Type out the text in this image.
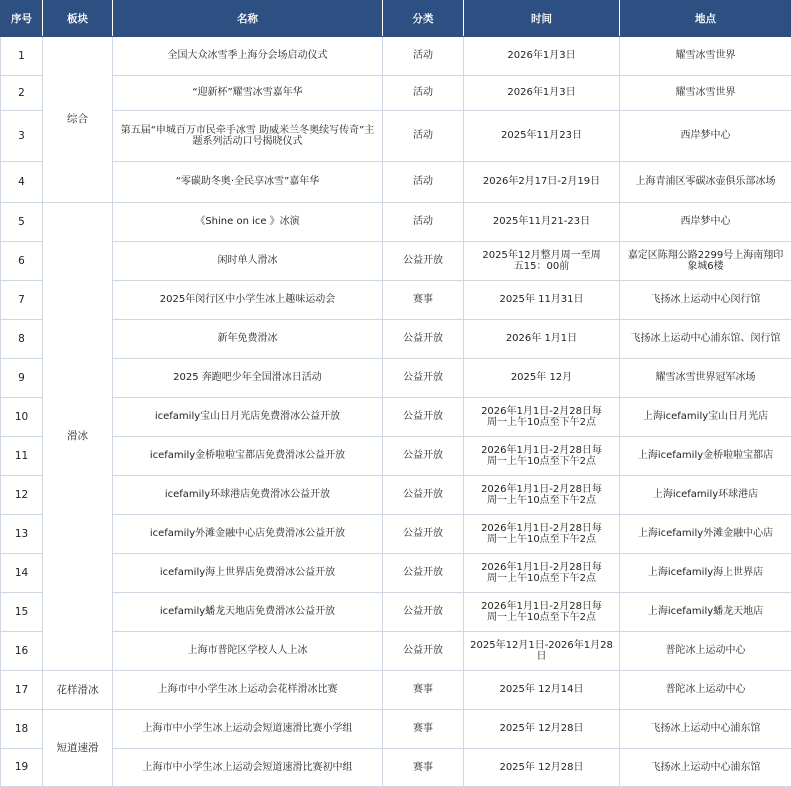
序号	板块	名称	分类	时间	地点
1	综合	全国大众冰雪季上海分会场启动仪式	活动	2026年1月3日	耀雪冰雪世界
2		“迎新杯”耀雪冰雪嘉年华	活动	2026年1月3日	耀雪冰雪世界
3		第五届“申城百万市民牵手冰雪 助威米兰冬奥续写传奇”主题系列活动口号揭晓仪式	活动	2025年11月23日	西岸梦中心
4		“零碳助冬奥·全民享冰雪”嘉年华	活动	2026年2月17日-2月19日	上海青浦区零碳冰壶俱乐部冰场
5	滑冰	《Shine on ice 》冰演	活动	2025年11月21-23日	西岸梦中心
6		闲时单人滑冰	公益开放	2025年12月整月周一至周五15：00前	嘉定区陈翔公路2299号上海南翔印象城6楼
7		2025年闵行区中小学生冰上趣味运动会	赛事	2025年 11月31日	飞扬冰上运动中心闵行馆
8		新年免费滑冰	公益开放	2026年 1月1日	飞扬冰上运动中心浦东馆、闵行馆
9		2025 奔跑吧少年全国滑冰日活动	公益开放	2025年 12月	耀雪冰雪世界冠军冰场
10		icefamily宝山日月光店免费滑冰公益开放	公益开放	2026年1月1日-2月28日每周一上午10点至下午2点	上海icefamily宝山日月光店
11		icefamily金桥啦啦宝都店免费滑冰公益开放	公益开放	2026年1月1日-2月28日每周一上午10点至下午2点	上海icefamily金桥啦啦宝都店
12		icefamily环球港店免费滑冰公益开放	公益开放	2026年1月1日-2月28日每周一上午10点至下午2点	上海icefamily环球港店
13		icefamily外滩金融中心店免费滑冰公益开放	公益开放	2026年1月1日-2月28日每周一上午10点至下午2点	上海icefamily外滩金融中心店
14		icefamily海上世界店免费滑冰公益开放	公益开放	2026年1月1日-2月28日每周一上午10点至下午2点	上海icefamily海上世界店
15		icefamily蟠龙天地店免费滑冰公益开放	公益开放	2026年1月1日-2月28日每周一上午10点至下午2点	上海icefamily蟠龙天地店
16		上海市普陀区学校人人上冰	公益开放	2025年12月1日-2026年1月28日	普陀冰上运动中心
17	花样滑冰	上海市中小学生冰上运动会花样滑冰比赛	赛事	2025年 12月14日	普陀冰上运动中心
18	短道速滑	上海市中小学生冰上运动会短道速滑比赛小学组	赛事	2025年 12月28日	飞扬冰上运动中心浦东馆
19		上海市中小学生冰上运动会短道速滑比赛初中组	赛事	2025年 12月28日	飞扬冰上运动中心浦东馆
